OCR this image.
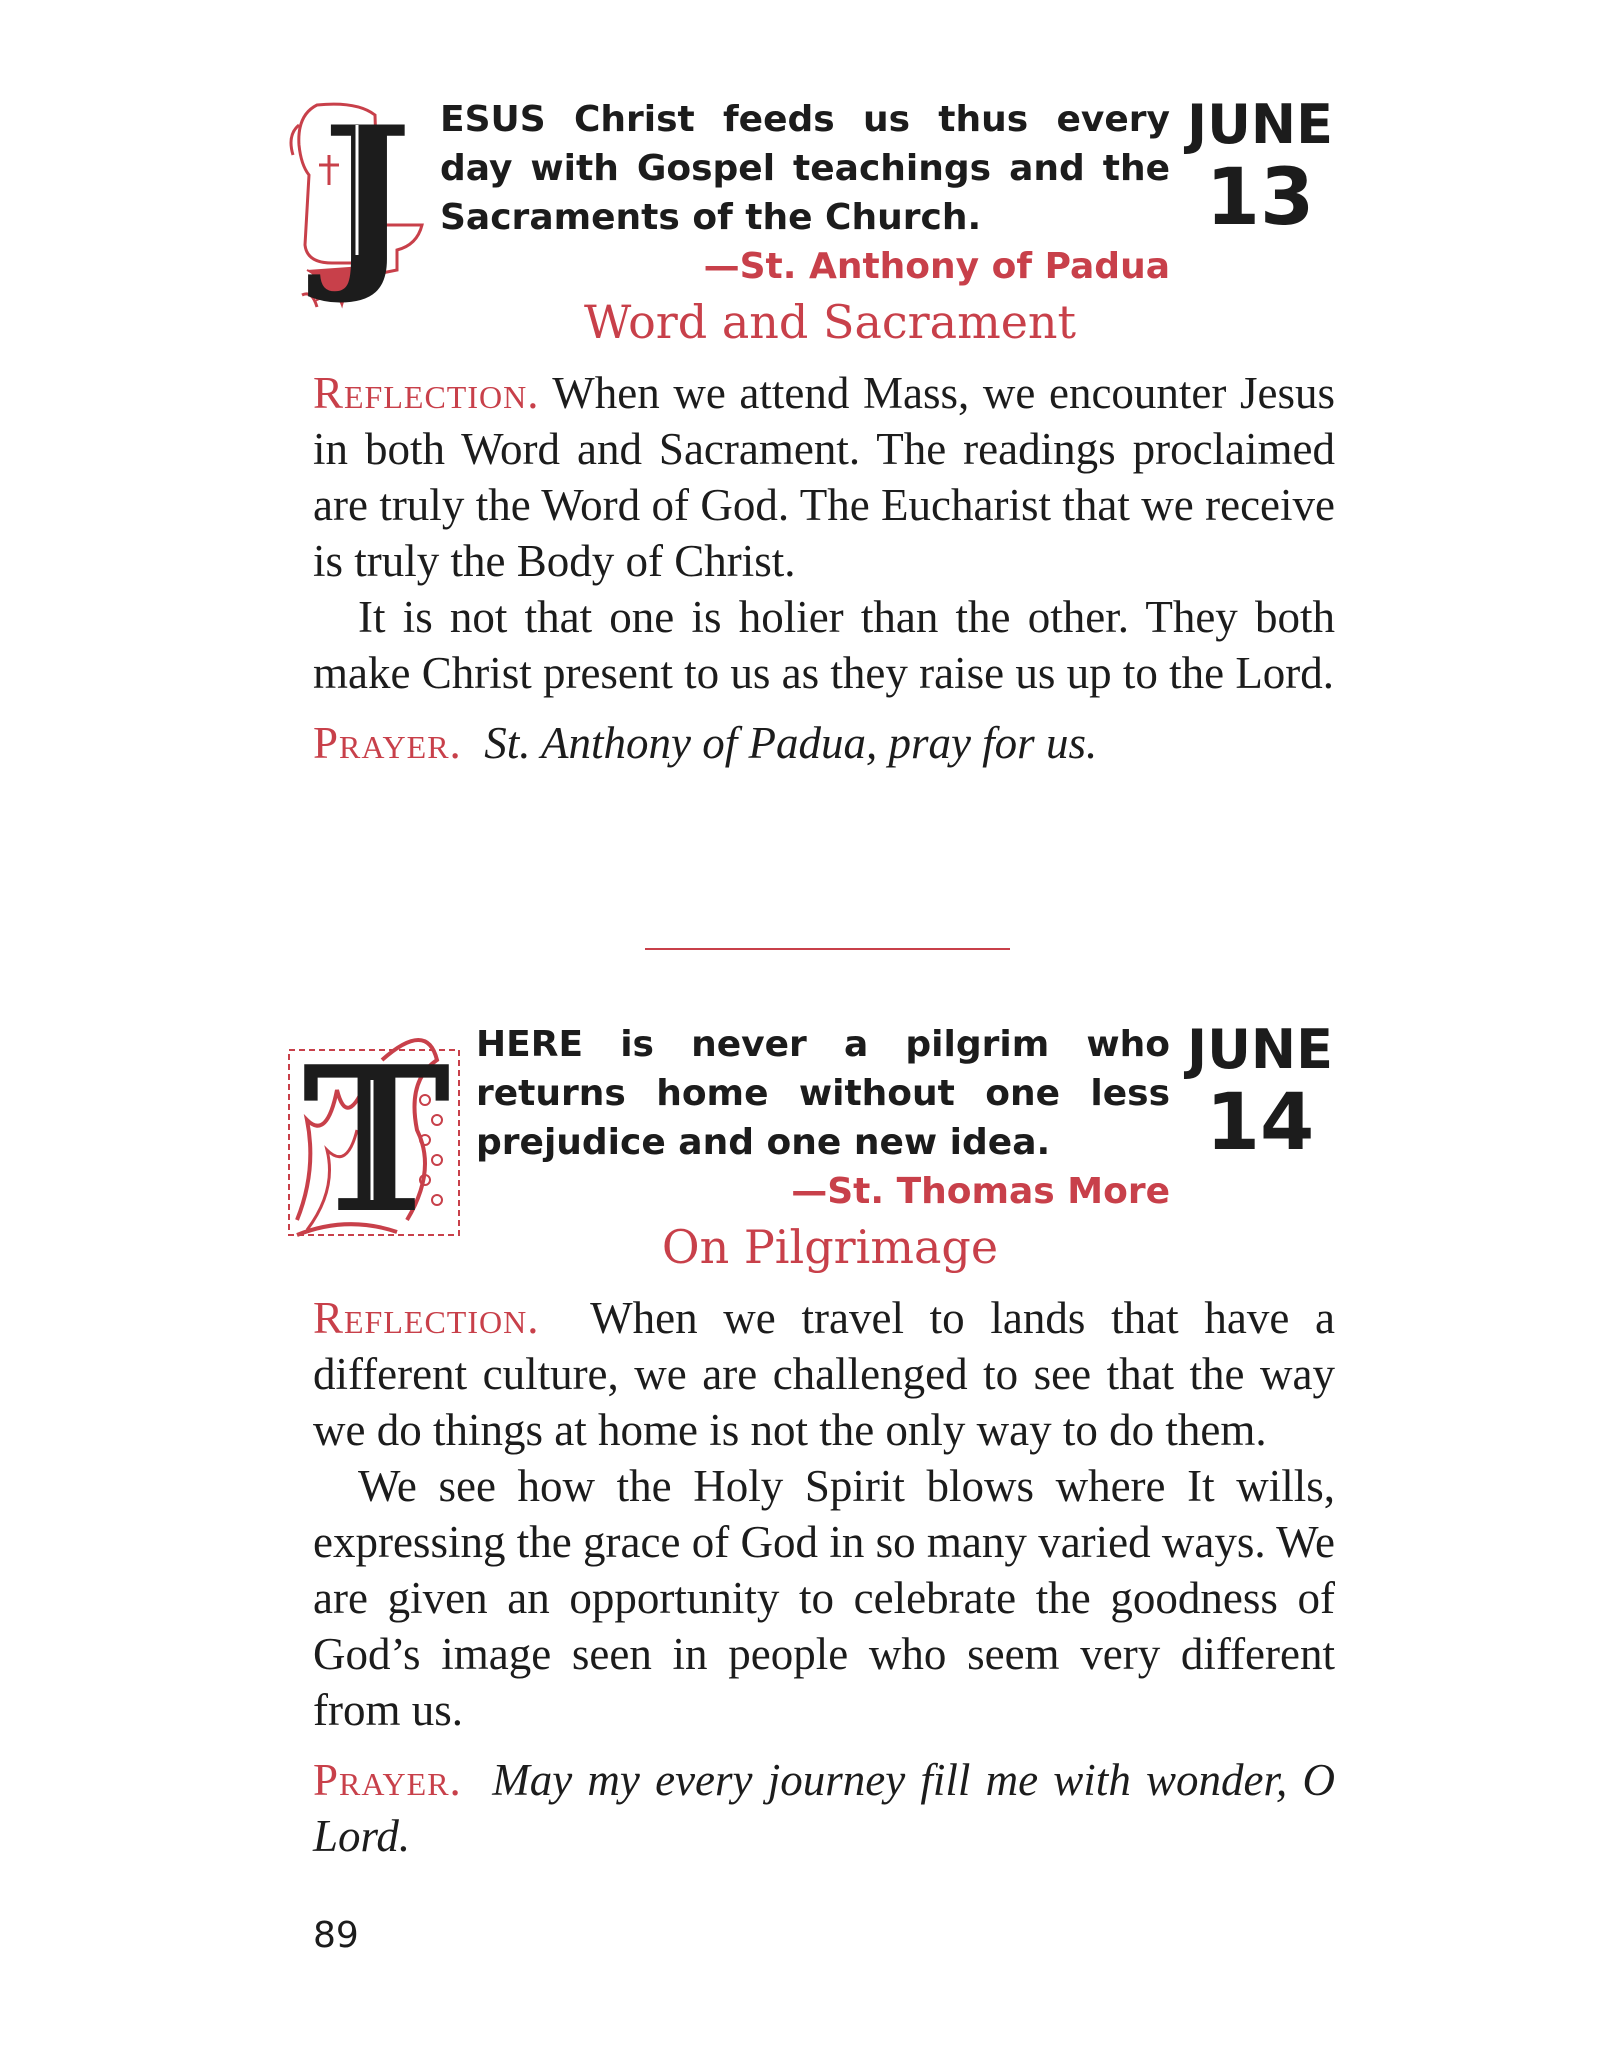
J ESUS Christ feeds us thus every day with Gospel teachings and the Sacraments of the Church.
—St. Anthony of Padua
JUNE
13
Word and Sacrament

Reflection. When we attend Mass, we encounter Jesus in both Word and Sacrament. The readings proclaimed are truly the Word of God. The Eucharist that we receive is truly the Body of Christ.

It is not that one is holier than the other. They both make Christ present to us as they raise us up to the Lord.

Prayer. St. Anthony of Padua, pray for us.

T HERE is never a pilgrim who returns home without one less prejudice and one new idea.
—St. Thomas More
JUNE
14
On Pilgrimage

Reflection. When we travel to lands that have a different culture, we are challenged to see that the way we do things at home is not the only way to do them.

We see how the Holy Spirit blows where It wills, expressing the grace of God in so many varied ways. We are given an opportunity to celebrate the goodness of God’s image seen in people who seem very different from us.

Prayer. May my every journey fill me with wonder, O Lord.

89
